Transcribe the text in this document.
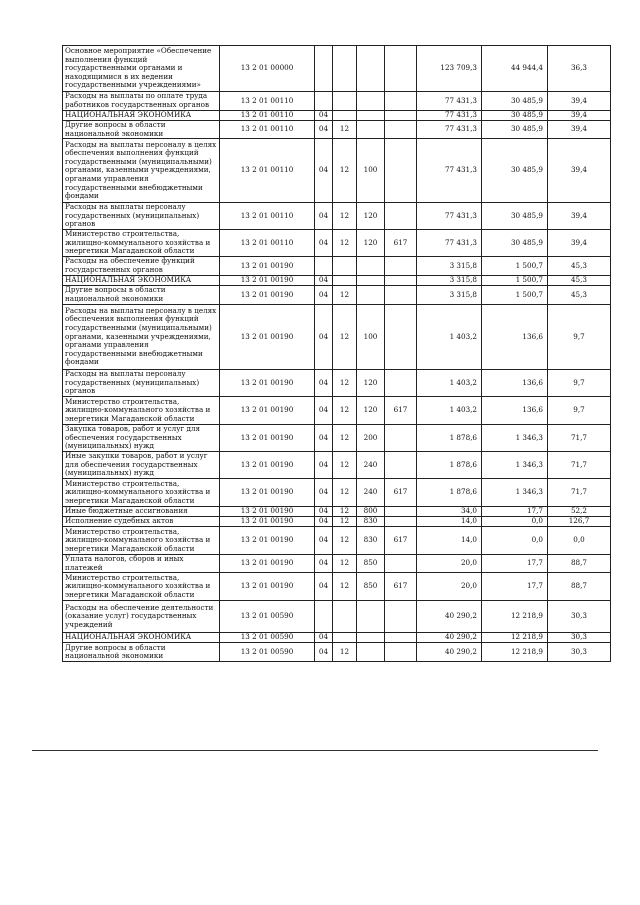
Основное мероприятие «Обеспечение выполнения функций государственными органами и находящимися в их ведении государственными учреждениями»	13 2 01 00000					123 709,3	44 944,4	36,3
Расходы на выплаты по оплате труда работников государственных органов	13 2 01 00110					77 431,3	30 485,9	39,4
НАЦИОНАЛЬНАЯ ЭКОНОМИКА	13 2 01 00110	04				77 431,3	30 485,9	39,4
Другие вопросы в области национальной экономики	13 2 01 00110	04	12			77 431,3	30 485,9	39,4
Расходы на выплаты персоналу в целях обеспечения выполнения функций государственными (муниципальными) органами, казенными учреждениями, органами управления государственными внебюджетными фондами	13 2 01 00110	04	12	100		77 431,3	30 485,9	39,4
Расходы на выплаты персоналу государственных (муниципальных) органов	13 2 01 00110	04	12	120		77 431,3	30 485,9	39,4
Министерство строительства, жилищно-коммунального хозяйства и энергетики Магаданской области	13 2 01 00110	04	12	120	617	77 431,3	30 485,9	39,4
Расходы на обеспечение функций государственных органов	13 2 01 00190					3 315,8	1 500,7	45,3
НАЦИОНАЛЬНАЯ ЭКОНОМИКА	13 2 01 00190	04				3 315,8	1 500,7	45,3
Другие вопросы в области национальной экономики	13 2 01 00190	04	12			3 315,8	1 500,7	45,3
Расходы на выплаты персоналу в целях обеспечения выполнения функций государственными (муниципальными) органами, казенными учреждениями, органами управления государственными внебюджетными фондами	13 2 01 00190	04	12	100		1 403,2	136,6	9,7
Расходы на выплаты персоналу государственных (муниципальных) органов	13 2 01 00190	04	12	120		1 403,2	136,6	9,7
Министерство строительства, жилищно-коммунального хозяйства и энергетики Магаданской области	13 2 01 00190	04	12	120	617	1 403,2	136,6	9,7
Закупка товаров, работ и услуг для обеспечения государственных (муниципальных) нужд	13 2 01 00190	04	12	200		1 878,6	1 346,3	71,7
Иные закупки товаров, работ и услуг для обеспечения государственных (муниципальных) нужд	13 2 01 00190	04	12	240		1 878,6	1 346,3	71,7
Министерство строительства, жилищно-коммунального хозяйства и энергетики Магаданской области	13 2 01 00190	04	12	240	617	1 878,6	1 346,3	71,7
Иные бюджетные ассигнования	13 2 01 00190	04	12	800		34,0	17,7	52,2
Исполнение судебных актов	13 2 01 00190	04	12	830		14,0	0,0	126,7
Министерство строительства, жилищно-коммунального хозяйства и энергетики Магаданской области	13 2 01 00190	04	12	830	617	14,0	0,0	0,0
Уплата налогов, сборов и иных платежей	13 2 01 00190	04	12	850		20,0	17,7	88,7
Министерство строительства, жилищно-коммунального хозяйства и энергетики Магаданской области	13 2 01 00190	04	12	850	617	20,0	17,7	88,7
Расходы на обеспечение деятельности (оказание услуг) государственных учреждений	13 2 01 00590					40 290,2	12 218,9	30,3
НАЦИОНАЛЬНАЯ ЭКОНОМИКА	13 2 01 00590	04				40 290,2	12 218,9	30,3
Другие вопросы в области национальной экономики	13 2 01 00590	04	12			40 290,2	12 218,9	30,3
